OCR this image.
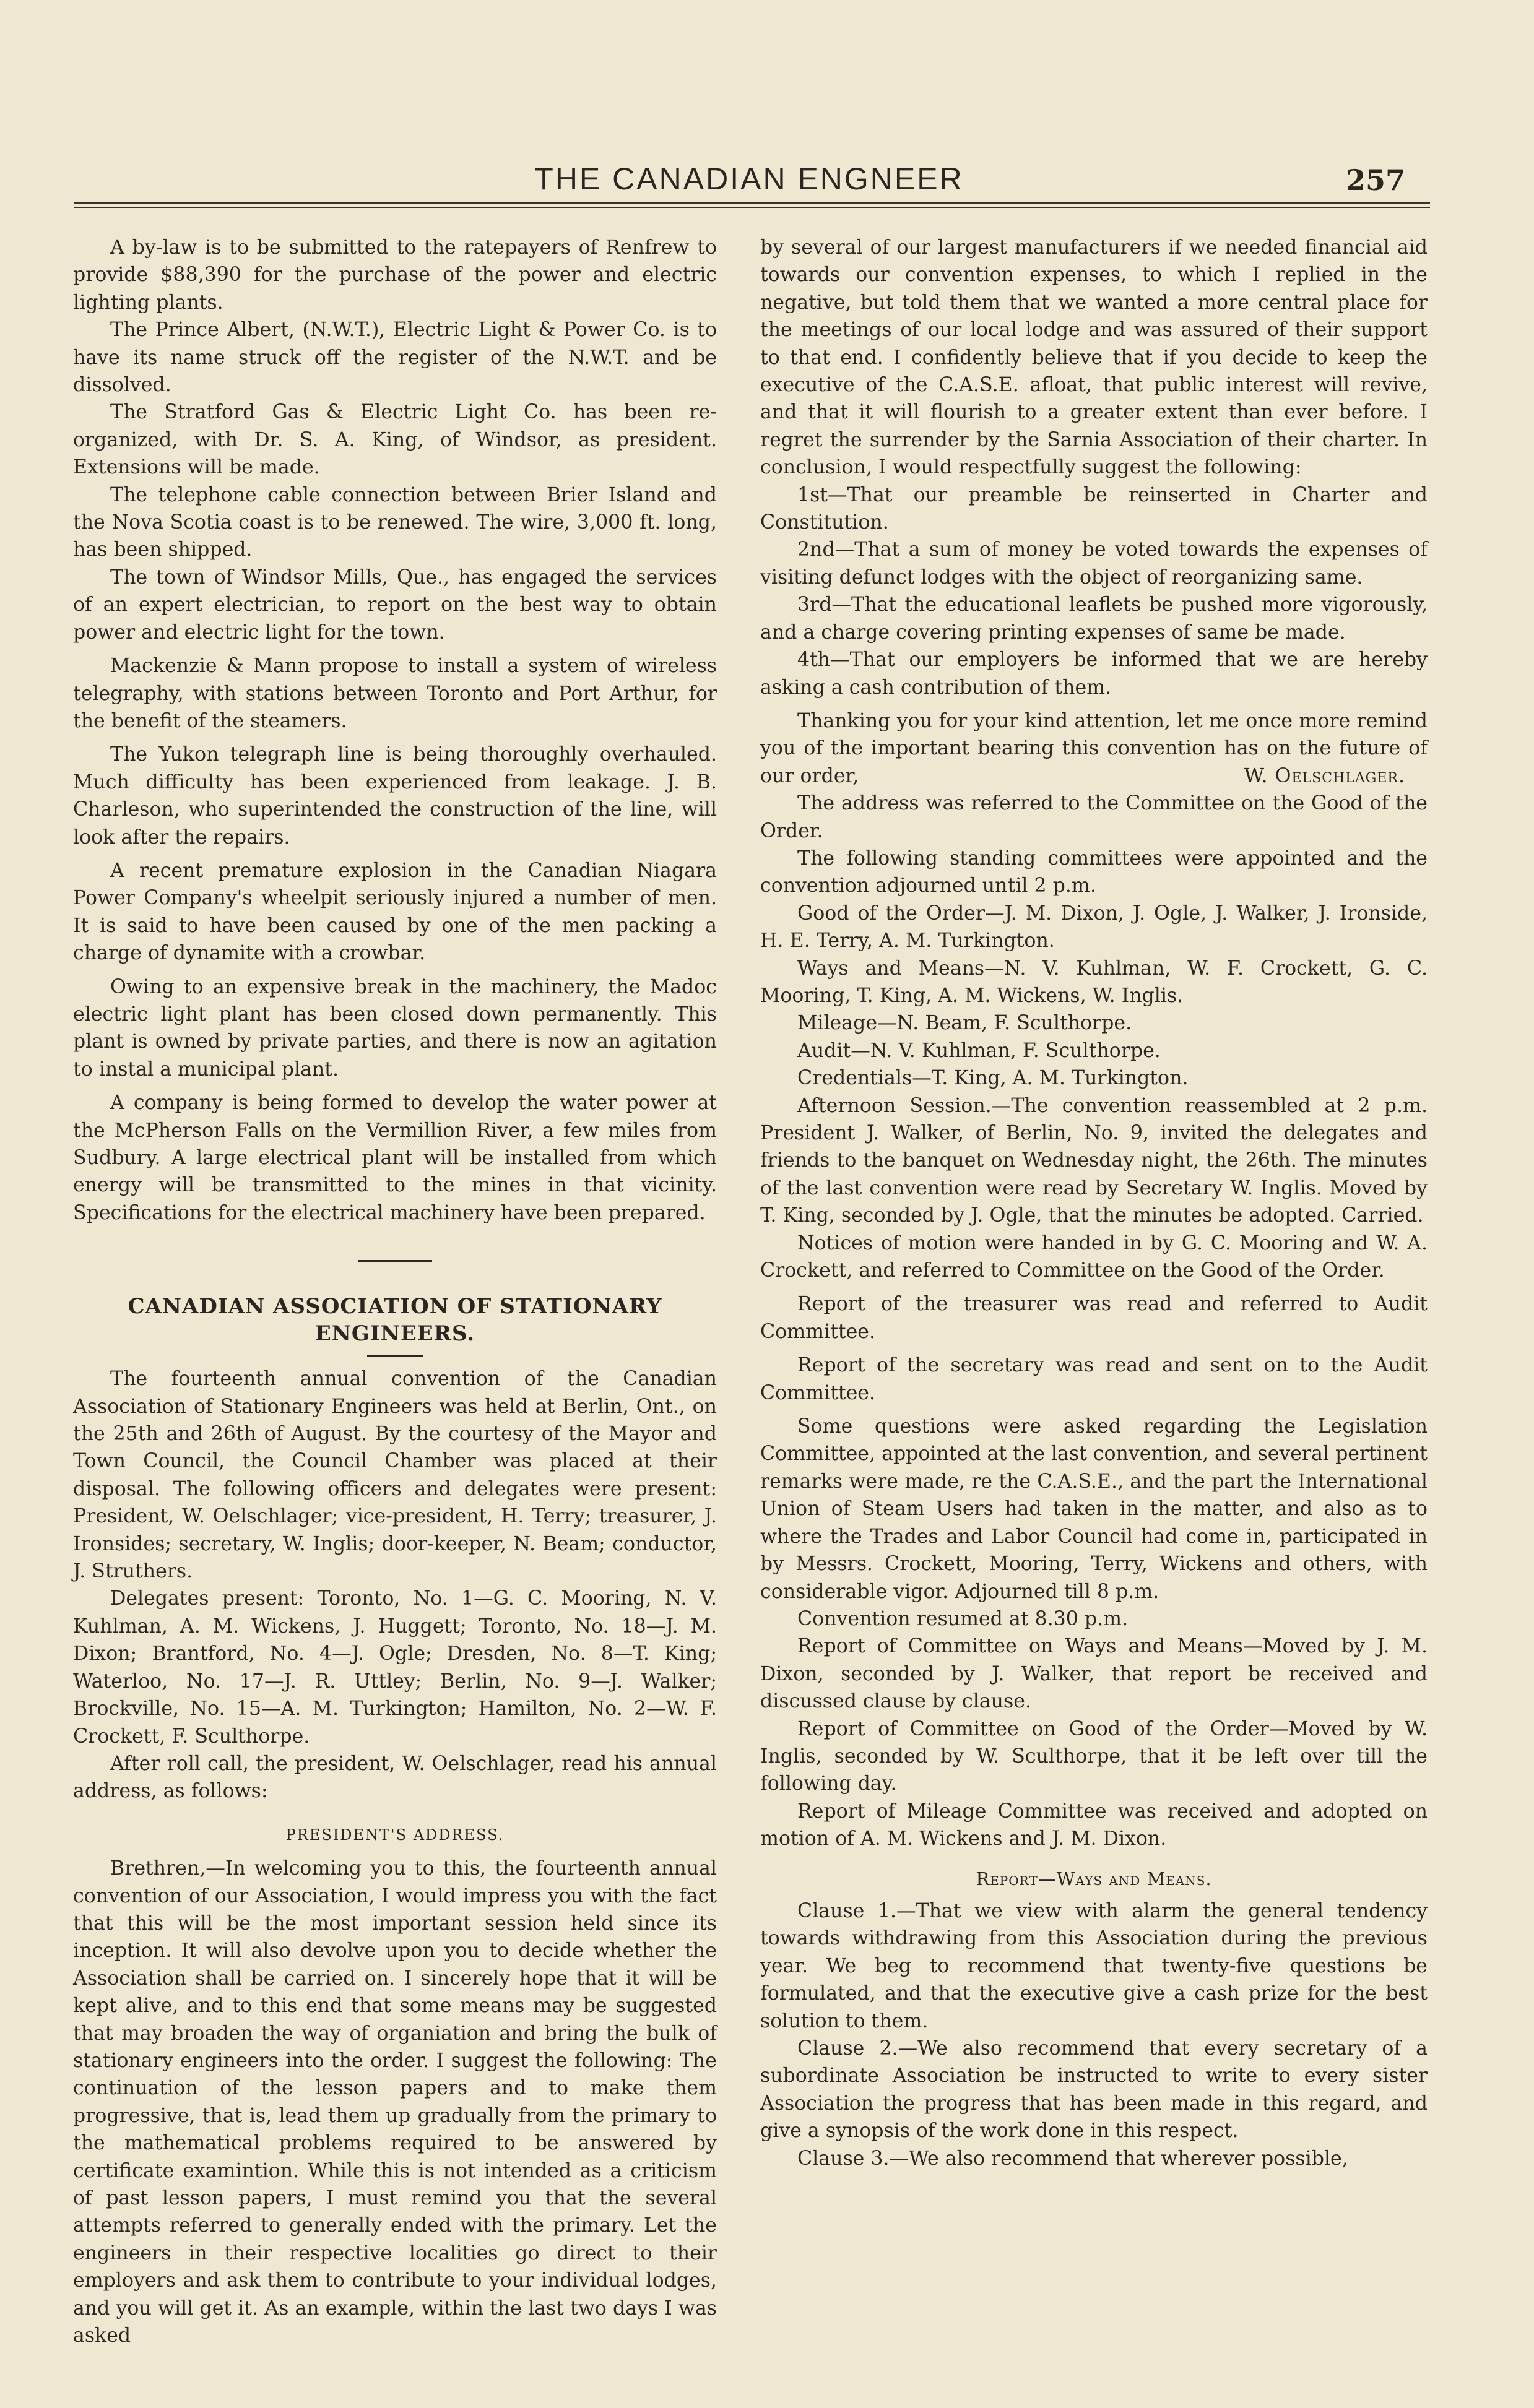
THE CANADIAN ENGNEER	257

A by-law is to be submitted to the ratepayers of Renfrew to provide $88,390 for the purchase of the power and electric lighting plants.

The Prince Albert, (N.W.T.), Electric Light & Power Co. is to have its name struck off the register of the N.W.T. and be dissolved.

The Stratford Gas & Electric Light Co. has been re-organized, with Dr. S. A. King, of Windsor, as president. Extensions will be made.

The telephone cable connection between Brier Island and the Nova Scotia coast is to be renewed. The wire, 3,000 ft. long, has been shipped.

The town of Windsor Mills, Que., has engaged the services of an expert electrician, to report on the best way to obtain power and electric light for the town.

Mackenzie & Mann propose to install a system of wireless telegraphy, with stations between Toronto and Port Arthur, for the benefit of the steamers.

The Yukon telegraph line is being thoroughly overhauled. Much difficulty has been experienced from leakage. J. B. Charleson, who superintended the construction of the line, will look after the repairs.

A recent premature explosion in the Canadian Niagara Power Company's wheelpit seriously injured a number of men. It is said to have been caused by one of the men packing a charge of dynamite with a crowbar.

Owing to an expensive break in the machinery, the Madoc electric light plant has been closed down permanently. This plant is owned by private parties, and there is now an agitation to instal a municipal plant.

A company is being formed to develop the water power at the McPherson Falls on the Vermillion River, a few miles from Sudbury. A large electrical plant will be installed from which energy will be transmitted to the mines in that vicinity. Specifications for the electrical machinery have been prepared.

CANADIAN ASSOCIATION OF STATIONARY ENGINEERS.

The fourteenth annual convention of the Canadian Association of Stationary Engineers was held at Berlin, Ont., on the 25th and 26th of August. By the courtesy of the Mayor and Town Council, the Council Chamber was placed at their disposal. The following officers and delegates were present: President, W. Oelschlager; vice-president, H. Terry; treasurer, J. Ironsides; secretary, W. Inglis; door-keeper, N. Beam; conductor, J. Struthers.

Delegates present: Toronto, No. 1—G. C. Mooring, N. V. Kuhlman, A. M. Wickens, J. Huggett; Toronto, No. 18—J. M. Dixon; Brantford, No. 4—J. Ogle; Dresden, No. 8—T. King; Waterloo, No. 17—J. R. Uttley; Berlin, No. 9—J. Walker; Brockville, No. 15—A. M. Turkington; Hamilton, No. 2—W. F. Crockett, F. Sculthorpe.

After roll call, the president, W. Oelschlager, read his annual address, as follows:

PRESIDENT'S ADDRESS.

Brethren,—In welcoming you to this, the fourteenth annual convention of our Association, I would impress you with the fact that this will be the most important session held since its inception. It will also devolve upon you to decide whether the Association shall be carried on. I sincerely hope that it will be kept alive, and to this end that some means may be suggested that may broaden the way of organiation and bring the bulk of stationary engineers into the order. I suggest the following: The continuation of the lesson papers and to make them progressive, that is, lead them up gradually from the primary to the mathematical problems required to be answered by certificate examintion. While this is not intended as a criticism of past lesson papers, I must remind you that the several attempts referred to generally ended with the primary. Let the engineers in their respective localities go direct to their employers and ask them to contribute to your individual lodges, and you will get it. As an example, within the last two days I was asked

by several of our largest manufacturers if we needed financial aid towards our convention expenses, to which I replied in the negative, but told them that we wanted a more central place for the meetings of our local lodge and was assured of their support to that end. I confidently believe that if you decide to keep the executive of the C.A.S.E. afloat, that public interest will revive, and that it will flourish to a greater extent than ever before. I regret the surrender by the Sarnia Association of their charter. In conclusion, I would respectfully suggest the following:

1st—That our preamble be reinserted in Charter and Constitution.

2nd—That a sum of money be voted towards the expenses of visiting defunct lodges with the object of reorganizing same.

3rd—That the educational leaflets be pushed more vigorously, and a charge covering printing expenses of same be made.

4th—That our employers be informed that we are hereby asking a cash contribution of them.

Thanking you for your kind attention, let me once more remind you of the important bearing this convention has on the future of our order,	W. Oelschlager.

The address was referred to the Committee on the Good of the Order.

The following standing committees were appointed and the convention adjourned until 2 p.m.

Good of the Order—J. M. Dixon, J. Ogle, J. Walker, J. Ironside, H. E. Terry, A. M. Turkington.

Ways and Means—N. V. Kuhlman, W. F. Crockett, G. C. Mooring, T. King, A. M. Wickens, W. Inglis.

Mileage—N. Beam, F. Sculthorpe.

Audit—N. V. Kuhlman, F. Sculthorpe.

Credentials—T. King, A. M. Turkington.

Afternoon Session.—The convention reassembled at 2 p.m. President J. Walker, of Berlin, No. 9, invited the delegates and friends to the banquet on Wednesday night, the 26th. The minutes of the last convention were read by Secretary W. Inglis. Moved by T. King, seconded by J. Ogle, that the minutes be adopted. Carried.

Notices of motion were handed in by G. C. Mooring and W. A. Crockett, and referred to Committee on the Good of the Order.

Report of the treasurer was read and referred to Audit Committee.

Report of the secretary was read and sent on to the Audit Committee.

Some questions were asked regarding the Legislation Committee, appointed at the last convention, and several pertinent remarks were made, re the C.A.S.E., and the part the International Union of Steam Users had taken in the matter, and also as to where the Trades and Labor Council had come in, participated in by Messrs. Crockett, Mooring, Terry, Wickens and others, with considerable vigor. Adjourned till 8 p.m.

Convention resumed at 8.30 p.m.

Report of Committee on Ways and Means—Moved by J. M. Dixon, seconded by J. Walker, that report be received and discussed clause by clause.

Report of Committee on Good of the Order—Moved by W. Inglis, seconded by W. Sculthorpe, that it be left over till the following day.

Report of Mileage Committee was received and adopted on motion of A. M. Wickens and J. M. Dixon.

Report—Ways and Means.

Clause 1.—That we view with alarm the general tendency towards withdrawing from this Association during the previous year. We beg to recommend that twenty-five questions be formulated, and that the executive give a cash prize for the best solution to them.

Clause 2.—We also recommend that every secretary of a subordinate Association be instructed to write to every sister Association the progress that has been made in this regard, and give a synopsis of the work done in this respect.

Clause 3.—We also recommend that wherever possible,
